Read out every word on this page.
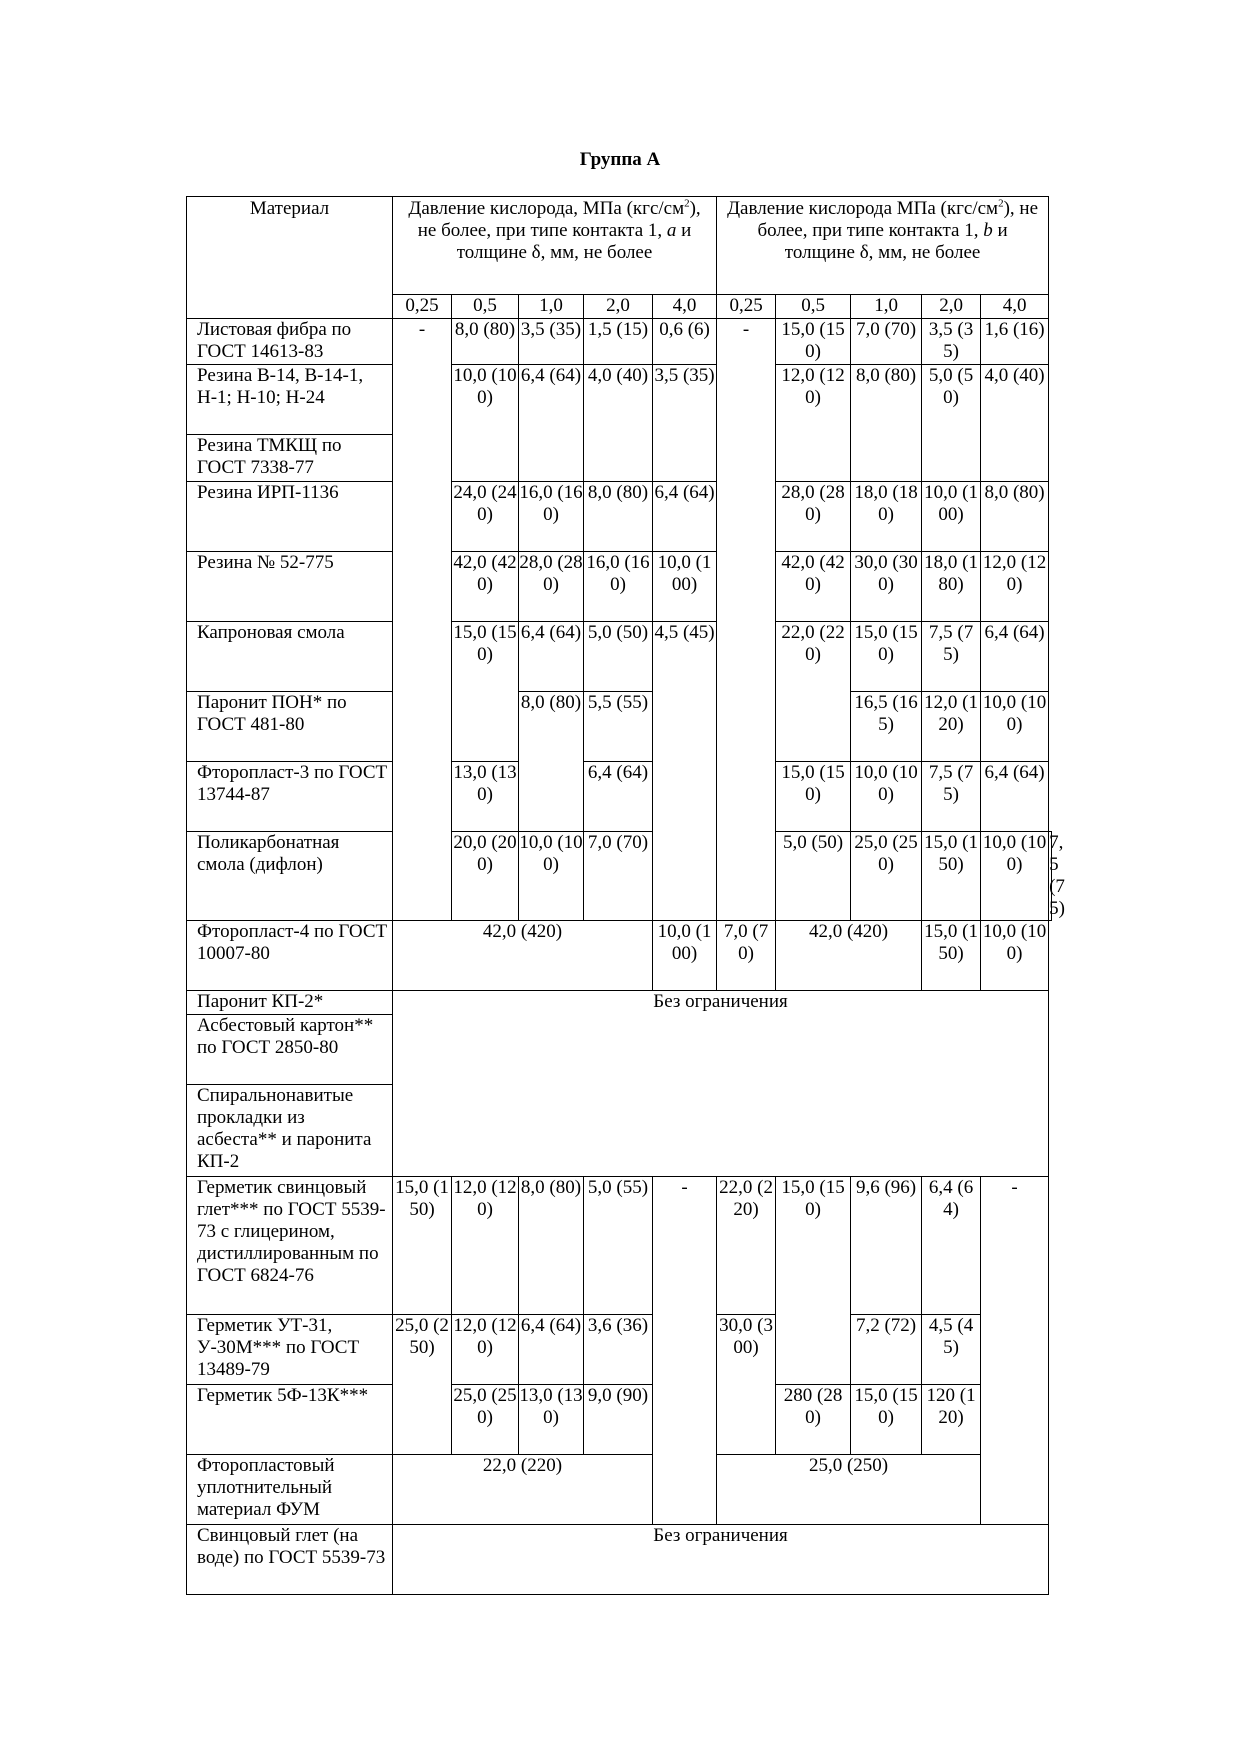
Группа А
Материал	Давление кислорода, МПа $(кгс/см^2)$, не более, при типе контакта 1, a и толщине δ, мм, не более					Давление кислорода МПа $(кгс/см^2)$, не более, при типе контакта 1, b и толщине δ, мм, не более					
	0,25	0,5	1,0	2,0	4,0	0,25	0,5	1,0	2,0	4,0	
Листовая фибра по ГОСТ 14613-83	-	8,0 (80)	3,5 (35)	1,5 (15)	0,6 (6)	-	15,0 (150)	7,0 (70)	3,5 (35)	1,6 (16)	
Резина В-14, В-14-1, Н-1; Н-10; Н-24		10,0 (100)	6,4 (64)	4,0 (40)	3,5 (35)		12,0 (120)	8,0 (80)	5,0 (50)	4,0 (40)	
Резина ТМКЩ по ГОСТ 7338-77											
Резина ИРП-1136		24,0 (240)	16,0 (160)	8,0 (80)	6,4 (64)		28,0 (280)	18,0 (180)	10,0 (100)	8,0 (80)	
Резина № 52-775		42,0 (420)	28,0 (280)	16,0 (160)	10,0 (100)		42,0 (420)	30,0 (300)	18,0 (180)	12,0 (120)	
Капроновая смола		15,0 (150)	6,4 (64)	5,0 (50)	4,5 (45)		22,0 (220)	15,0 (150)	7,5 (75)	6,4 (64)	
Паронит ПОН* по ГОСТ 481-80			8,0 (80)	5,5 (55)				16,5 (165)	12,0 (120)	10,0 (100)	
Фторопласт-3 по ГОСТ 13744-87		13,0 (130)		6,4 (64)			15,0 (150)	10,0 (100)	7,5 (75)	6,4 (64)	
Поликарбонатная смола (дифлон)		20,0 (200)	10,0 (100)	7,0 (70)			5,0 (50)	25,0 (250)	15,0 (150)	10,0 (100)	7,5 (75)
Фторопласт-4 по ГОСТ 10007-80	42,0 (420)				10,0 (100)	7,0 (70)	42,0 (420)		15,0 (150)	10,0 (100)	
Паронит КП-2*	Без ограничения										
Асбестовый картон** по ГОСТ 2850-80											
Спиральнонавитые прокладки из асбеста** и паронита КП-2											
Герметик свинцовый глет*** по ГОСТ 5539-73 с глицерином, дистиллированным по ГОСТ 6824-76	15,0 (150)	12,0 (120)	8,0 (80)	5,0 (55)	-	22,0 (220)	15,0 (150)	9,6 (96)	6,4 (64)	-	
Герметик УТ-31, У-30М*** по ГОСТ 13489-79	25,0 (250)	12,0 (120)	6,4 (64)	3,6 (36)		30,0 (300)		7,2 (72)	4,5 (45)		
Герметик 5Ф-13К***		25,0 (250)	13,0 (130)	9,0 (90)			280 (280)	15,0 (150)	120 (120)		
Фторопластовый уплотнительный материал ФУМ	22,0 (220)					25,0 (250)					
Свинцовый глет (на воде) по ГОСТ 5539-73	Без ограничения										
